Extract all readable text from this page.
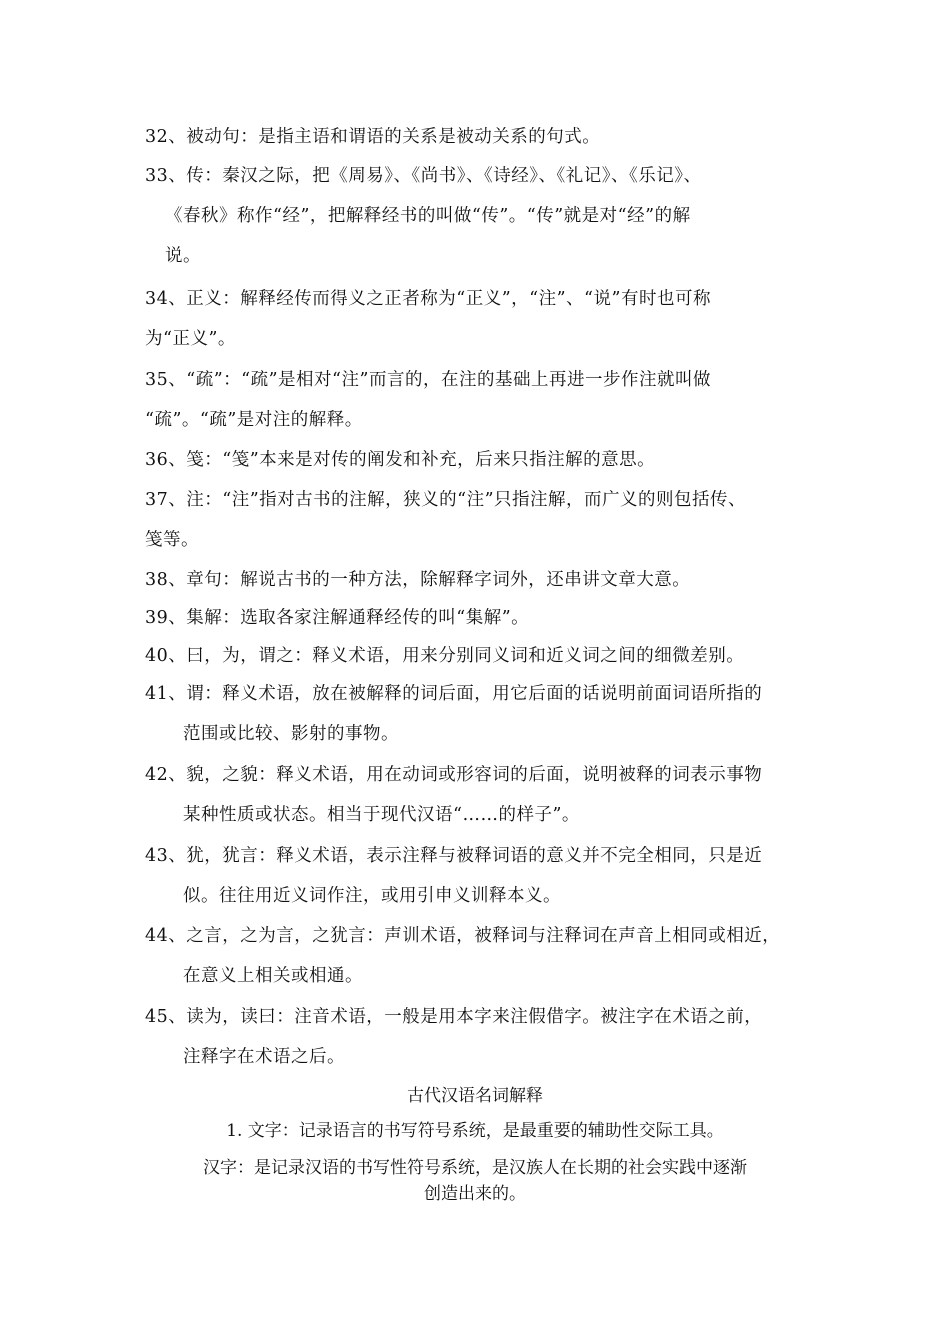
32、被动句：是指主语和谓语的关系是被动关系的句式。
33、传：秦汉之际，把《周易》、《尚书》、《诗经》、《礼记》、《乐记》、
《春秋》称作“经”，把解释经书的叫做“传”。“传”就是对“经”的解
说。
34、正义：解释经传而得义之正者称为“正义”，“注”、“说”有时也可称
为“正义”。
35、“疏”：“疏”是相对“注”而言的，在注的基础上再进一步作注就叫做
“疏”。“疏”是对注的解释。
36、笺：“笺”本来是对传的阐发和补充，后来只指注解的意思。
37、注：“注”指对古书的注解，狭义的“注”只指注解，而广义的则包括传、
笺等。
38、章句：解说古书的一种方法，除解释字词外，还串讲文章大意。
39、集解：选取各家注解通释经传的叫“集解”。
40、曰，为，谓之：释义术语，用来分别同义词和近义词之间的细微差别。
41、谓：释义术语，放在被解释的词后面，用它后面的话说明前面词语所指的
范围或比较、影射的事物。
42、貌，之貌：释义术语，用在动词或形容词的后面，说明被释的词表示事物
某种性质或状态。相当于现代汉语“……的样子”。
43、犹，犹言：释义术语，表示注释与被释词语的意义并不完全相同，只是近
似。往往用近义词作注，或用引申义训释本义。
44、之言，之为言，之犹言：声训术语，被释词与注释词在声音上相同或相近，
在意义上相关或相通。
45、读为，读曰：注音术语，一般是用本字来注假借字。被注字在术语之前，
注释字在术语之后。
古代汉语名词解释
1. 文字：记录语言的书写符号系统，是最重要的辅助性交际工具。
汉字：是记录汉语的书写性符号系统，是汉族人在长期的社会实践中逐渐
创造出来的。
